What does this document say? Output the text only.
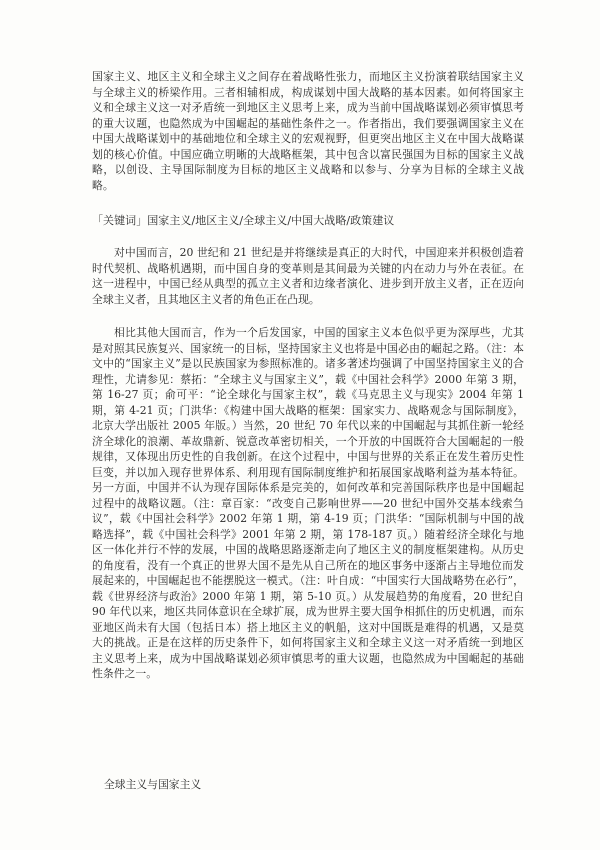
国家主义、地区主义和全球主义之间存在着战略性张力，而地区主义扮演着联结国家主义与全球主义的桥梁作用。三者相辅相成，构成谋划中国大战略的基本因素。如何将国家主义和全球主义这一对矛盾统一到地区主义思考上来，成为当前中国战略谋划必须审慎思考的重大议题，也隐然成为中国崛起的基础性条件之一。作者指出，我们要强调国家主义在中国大战略谋划中的基础地位和全球主义的宏观视野，但更突出地区主义在中国大战略谋划的核心价值。中国应确立明晰的大战略框架，其中包含以富民强国为目标的国家主义战略，以创设、主导国际制度为目标的地区主义战略和以参与、分享为目标的全球主义战略。
「关键词」国家主义/地区主义/全球主义/中国大战略/政策建议
对中国而言，20 世纪和 21 世纪是并将继续是真正的大时代，中国迎来并积极创造着时代契机、战略机遇期，而中国自身的变革则是其间最为关键的内在动力与外在表征。在这一进程中，中国已经从典型的孤立主义者和边缘者演化、进步到开放主义者，正在迈向全球主义者，且其地区主义者的角色正在凸现。
相比其他大国而言，作为一个后发国家，中国的国家主义本色似乎更为深厚些，尤其是对照其民族复兴、国家统一的目标，坚持国家主义也将是中国必由的崛起之路。（注：本文中的“国家主义”是以民族国家为参照标准的。诸多著述均强调了中国坚持国家主义的合理性，尤请参见：蔡拓：“全球主义与国家主义”，载《中国社会科学》2000 年第 3 期，第 16-27 页；俞可平：“论全球化与国家主权”，载《马克思主义与现实》2004 年第 1 期，第 4-21 页；门洪华：《构建中国大战略的框架：国家实力、战略观念与国际制度》，北京大学出版社 2005 年版。）当然，20 世纪 70 年代以来的中国崛起与其抓住新一轮经济全球化的浪潮、革故鼎新、锐意改革密切相关，一个开放的中国既符合大国崛起的一般规律，又体现出历史性的自我创新。在这个过程中，中国与世界的关系正在发生着历史性巨变，并以加入现存世界体系、利用现有国际制度维护和拓展国家战略利益为基本特征。另一方面，中国并不认为现存国际体系是完美的，如何改革和完善国际秩序也是中国崛起过程中的战略议题。（注：章百家：“改变自己影响世界——20 世纪中国外交基本线索刍议”，载《中国社会科学》2002 年第 1 期，第 4-19 页；门洪华：“国际机制与中国的战略选择”，载《中国社会科学》2001 年第 2 期，第 178-187 页。）随着经济全球化与地区一体化并行不悖的发展，中国的战略思路逐渐走向了地区主义的制度框架建构。从历史的角度看，没有一个真正的世界大国不是先从自己所在的地区事务中逐渐占主导地位而发展起来的，中国崛起也不能摆脱这一模式。（注：叶自成：“中国实行大国战略势在必行”，载《世界经济与政治》2000 年第 1 期，第 5-10 页。）从发展趋势的角度看，20 世纪自 90 年代以来，地区共同体意识在全球扩展，成为世界主要大国争相抓住的历史机遇，而东亚地区尚未有大国（包括日本）搭上地区主义的帆船，这对中国既是难得的机遇，又是莫大的挑战。正是在这样的历史条件下，如何将国家主义和全球主义这一对矛盾统一到地区主义思考上来，成为中国战略谋划必须审慎思考的重大议题，也隐然成为中国崛起的基础性条件之一。
全球主义与国家主义
